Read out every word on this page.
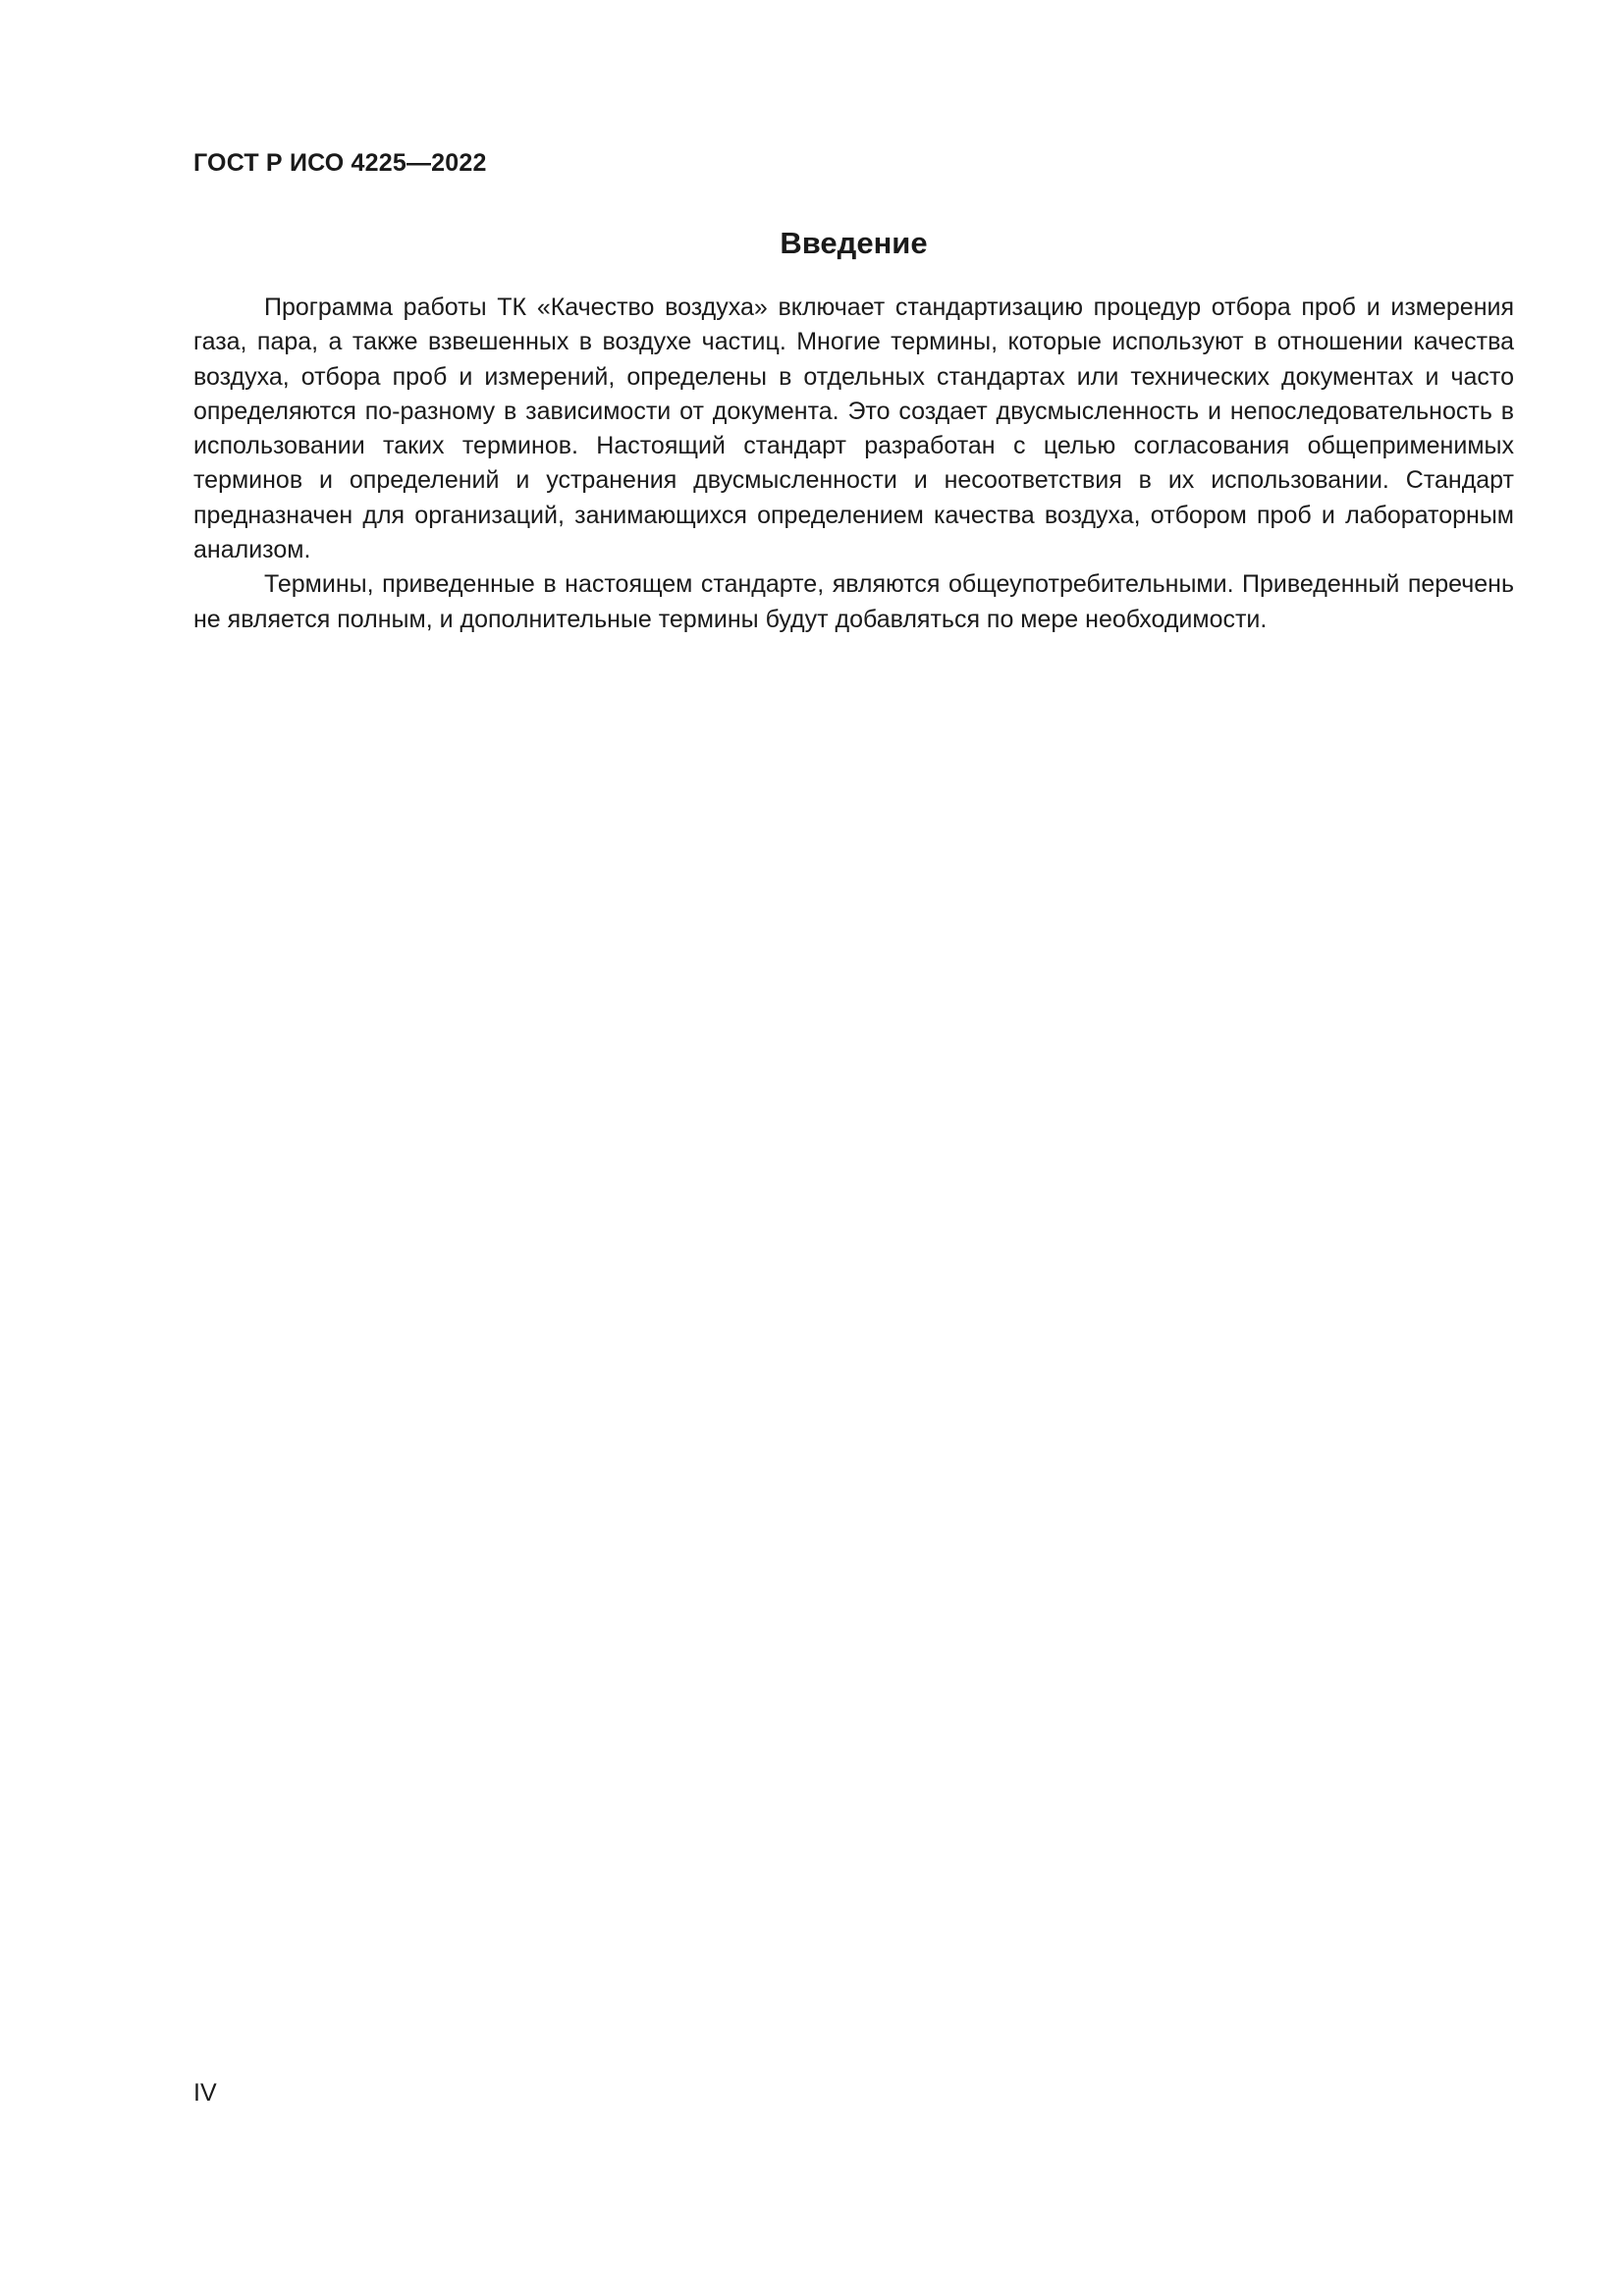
ГОСТ Р ИСО 4225—2022
Введение

Программа работы ТК «Качество воздуха» включает стандартизацию процедур отбора проб и измерения газа, пара, а также взвешенных в воздухе частиц. Многие термины, которые используют в отношении качества воздуха, отбора проб и измерений, определены в отдельных стандартах или технических документах и часто определяются по-разному в зависимости от документа. Это создает двусмысленность и непоследовательность в использовании таких терминов. Настоящий стандарт разработан с целью согласования общеприменимых терминов и определений и устранения двусмысленности и несоответствия в их использовании. Стандарт предназначен для организаций, занимающихся определением качества воздуха, отбором проб и лабораторным анализом.

Термины, приведенные в настоящем стандарте, являются общеупотребительными. Приведенный перечень не является полным, и дополнительные термины будут добавляться по мере необходимости.

IV
